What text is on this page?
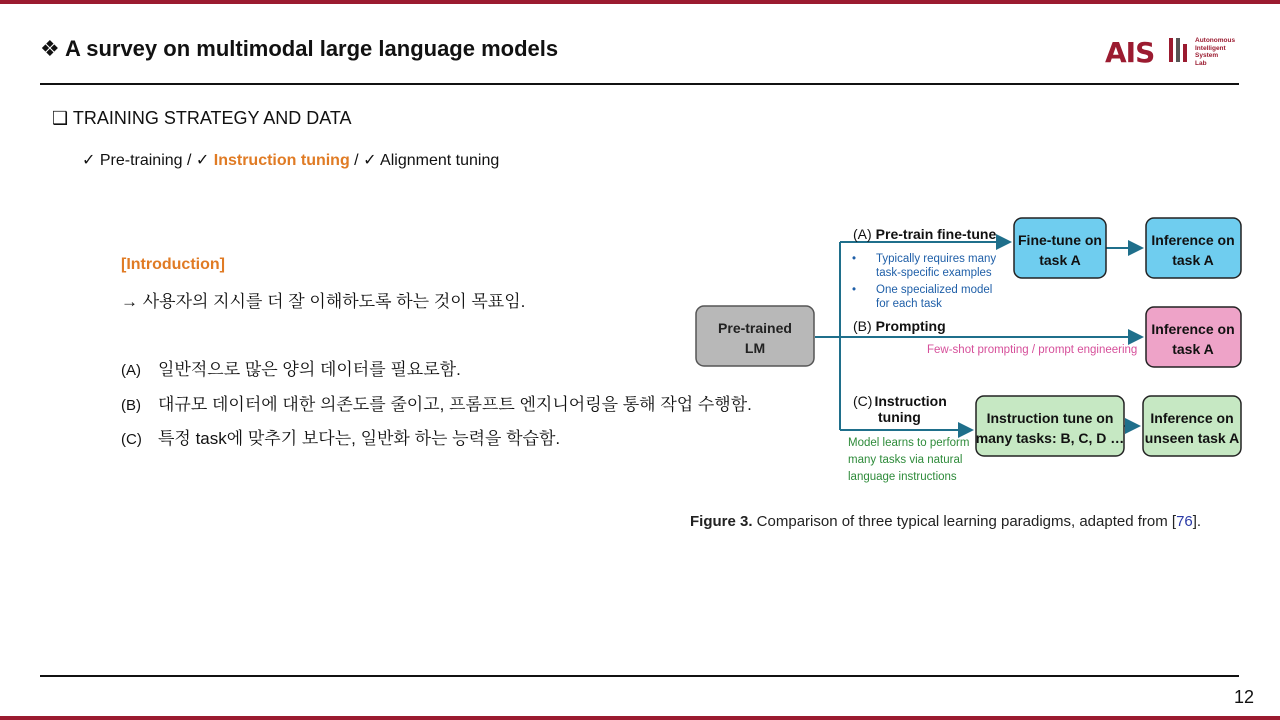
❖ A survey on multimodal large language models	AIS	Autonomous
Intelligent
System
Lab
❑ TRAINING STRATEGY AND DATA
✓ Pre-training / ✓ Instruction tuning / ✓ Alignment tuning
[Introduction]
→ 사용자의 지시를 더 잘 이해하도록 하는 것이 목표임.
(A) 일반적으로 많은 양의 데이터를 필요로함.
(B) 대규모 데이터에 대한 의존도를 줄이고, 프롬프트 엔지니어링을 통해 작업 수행함.
(C) 특정 task에 맞추기 보다는, 일반화 하는 능력을 학습함.
Pre-trained
LM
(A) Pre-train fine-tune
• Typically requires many
task-specific examples
• One specialized model
for each task
Fine-tune on
task A
Inference on
task A
(B) Prompting
Few-shot prompting / prompt engineering
Inference on
task A
(C) Instruction
tuning
Model learns to perform
many tasks via natural
language instructions
Instruction tune on
many tasks: B, C, D …
Inference on
unseen task A
Figure 3. Comparison of three typical learning paradigms, adapted from [76].
12
